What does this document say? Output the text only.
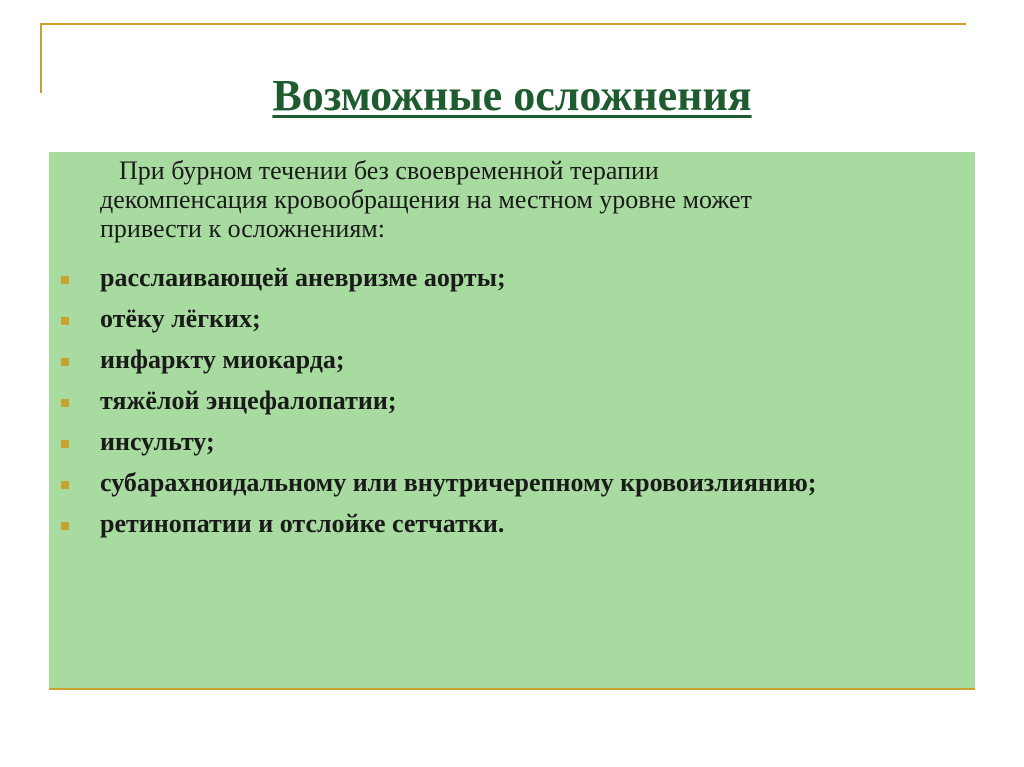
Возможные осложнения
При бурном течении без своевременной терапии
декомпенсация кровообращения на местном уровне может
привести к осложнениям:
расслаивающей аневризме аорты;
отёку лёгких;
инфаркту миокарда;
тяжёлой энцефалопатии;
инсульту;
субарахноидальному или внутричерепному кровоизлиянию;
ретинопатии и отслойке сетчатки.
